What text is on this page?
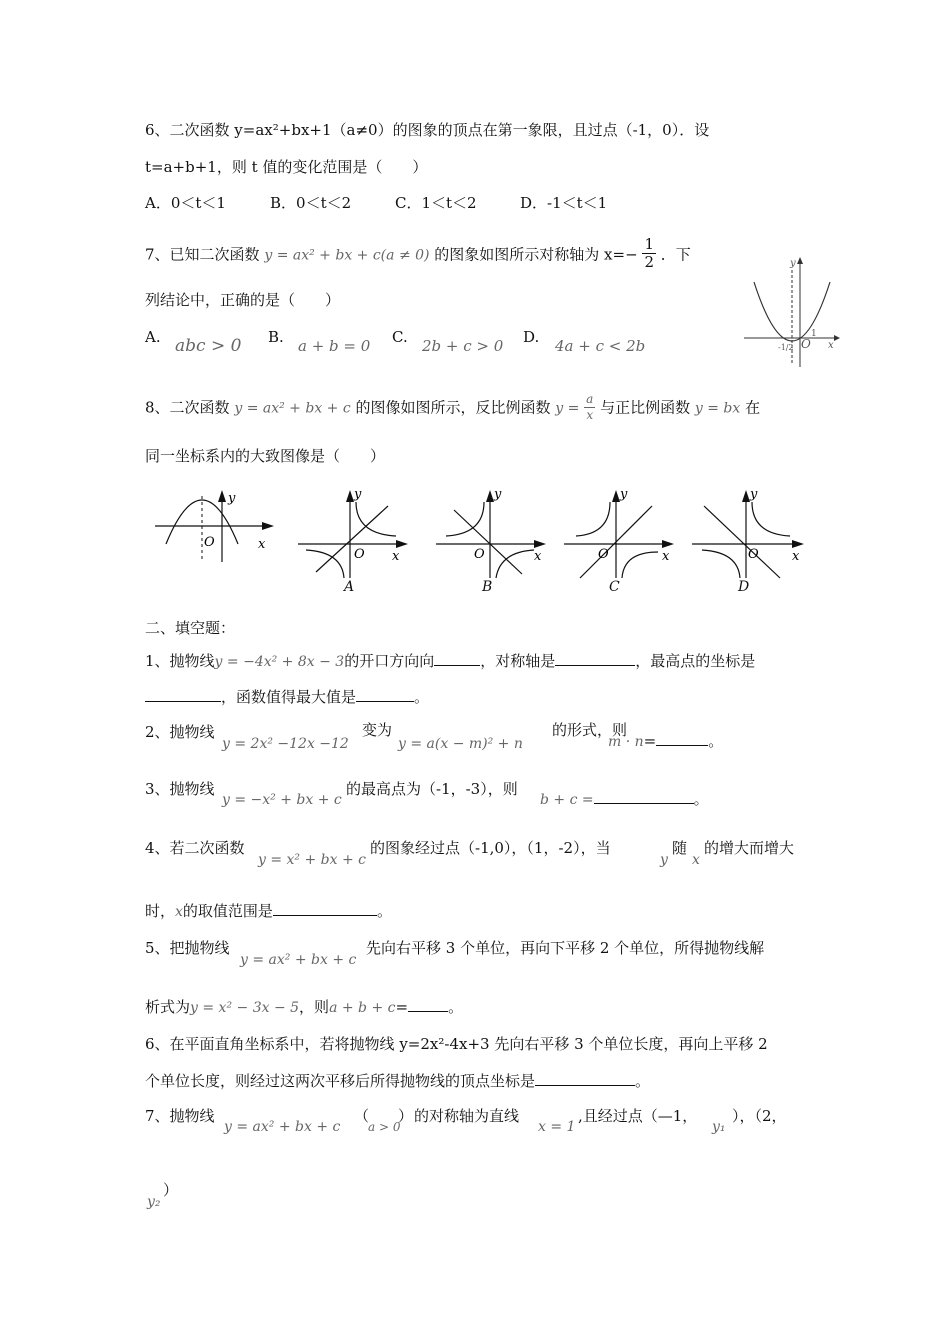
6、二次函数 y=ax²+bx+1（a≠0）的图象的顶点在第一象限，且过点（-1，0）．设
t=a+b+1，则 t 值的变化范围是（　　）
A．0＜t＜1	B．0＜t＜2	C．1＜t＜2	D．-1＜t＜1
7、已知二次函数 y = ax² + bx + c(a ≠ 0) 的图象如图所示对称轴为 $x=- \frac{1}{2}$ ．下
列结论中，正确的是（　　）
A. abc > 0 B. a + b = 0 C. 2b + c > 0 D. 4a + c < 2b
y
x
O
1
-1/2
8、二次函数 y = ax² + bx + c 的图像如图所示，反比例函数 $y = \frac{a}{x}$ 与正比例函数 y = bx 在
同一坐标系内的大致图像是（　　）
y
x
O
y
x
O
A
y
x
O
B
y
x
O
C
y
x
O
D
二、填空题：
1、抛物线y = −4x² + 8x − 3的开口方向向	，对称轴是	，最高点的坐标是
，函数值得最大值是	。
2、抛物线
y = 2x² −12x −12
变为
y = a(x − m)² + n
的形式，则
m · n=	。
3、抛物线
y = −x² + bx + c
的最高点为（-1，-3），则
b + c =	。
4、若二次函数
y = x² + bx + c
的图象经过点（-1,0），（1，-2），当
y
随
x
的增大而增大
时，x的取值范围是	。
5、把抛物线
y = ax² + bx + c
先向右平移 3 个单位，再向下平移 2 个单位，所得抛物线解
析式为y = x² − 3x − 5，则a + b + c=	。
6、在平面直角坐标系中，若将抛物线 y=2x²-4x+3 先向右平移 3 个单位长度，再向上平移 2
个单位长度，则经过这两次平移后所得抛物线的顶点坐标是	。
7、抛物线
y = ax² + bx + c
（
a > 0
） 的对称轴为直线
x = 1
,且经过点（—1，
y₁
），（2，
）
y₂
